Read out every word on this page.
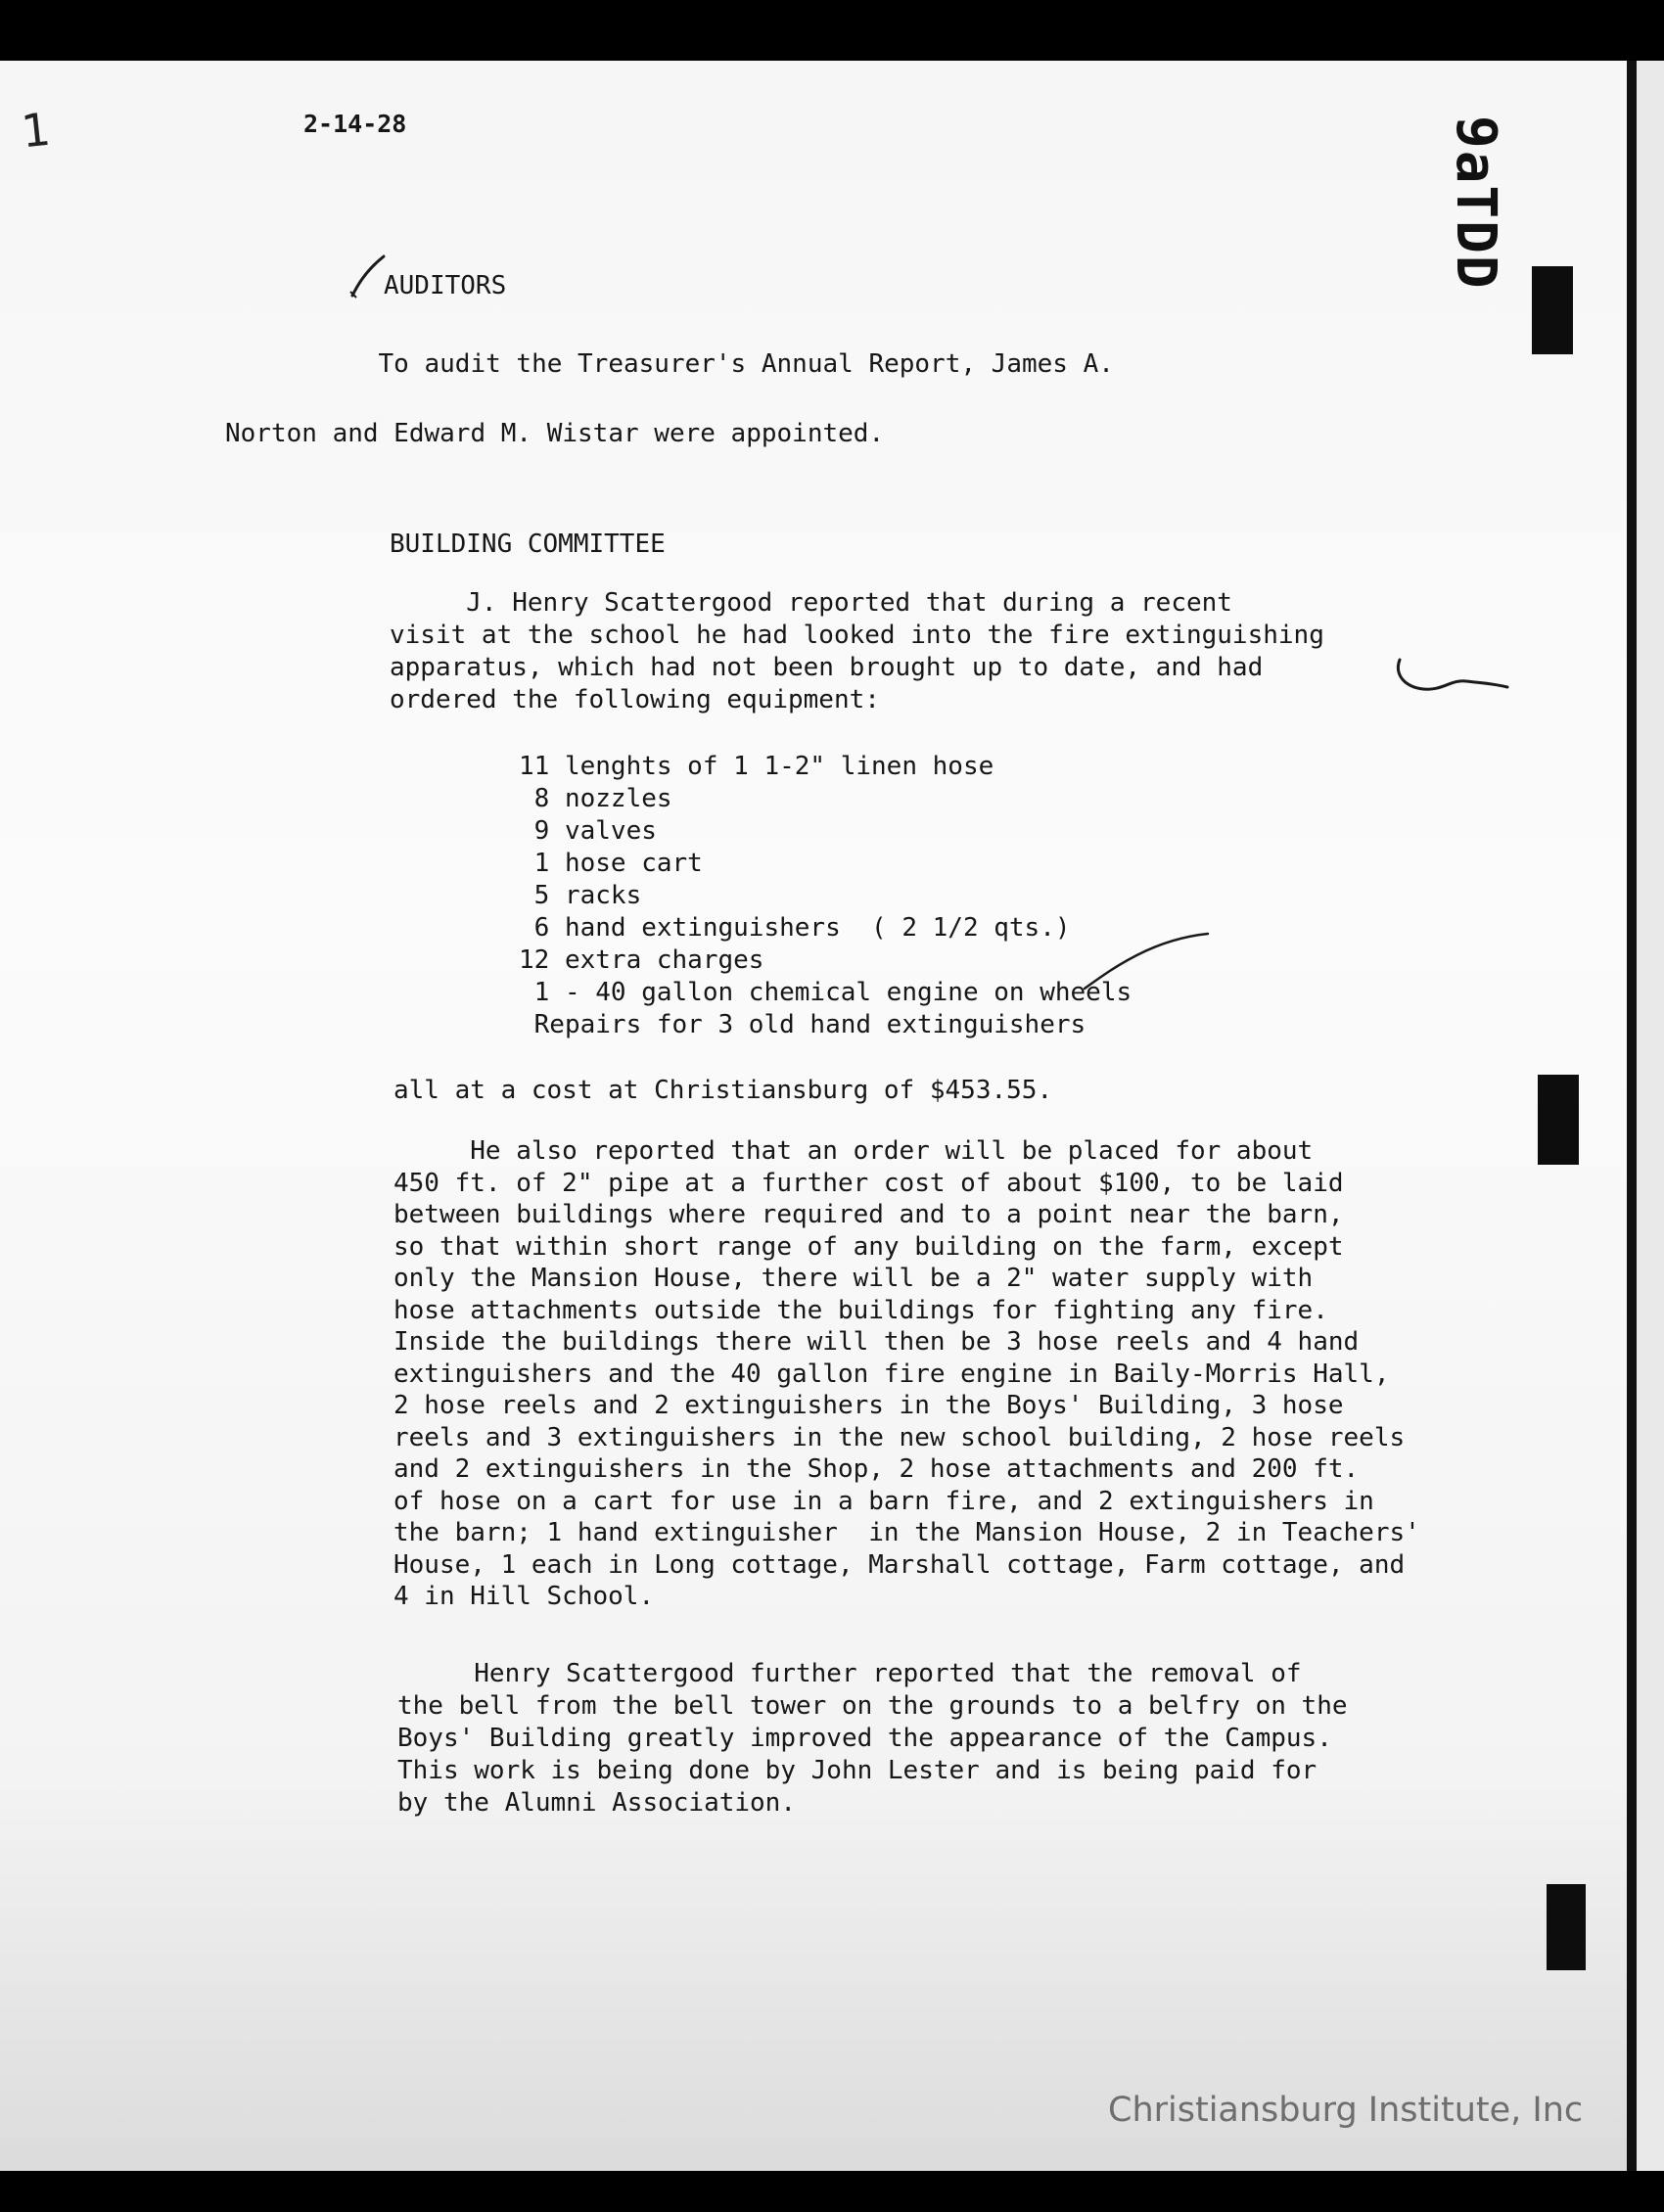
1	9aTDD
2-14-28
AUDITORS
To audit the Treasurer's Annual Report, James A.
Norton and Edward M. Wistar were appointed.
BUILDING COMMITTEE
J. Henry Scattergood reported that during a recent
visit at the school he had looked into the fire extinguishing
apparatus, which had not been brought up to date, and had
ordered the following equipment:
11 lenghts of 1 1-2" linen hose
8 nozzles
9 valves
1 hose cart
5 racks
6 hand extinguishers  ( 2 1/2 qts.)
12 extra charges
1 - 40 gallon chemical engine on wheels
Repairs for 3 old hand extinguishers
all at a cost at Christiansburg of $453.55.
He also reported that an order will be placed for about
450 ft. of 2" pipe at a further cost of about $100, to be laid
between buildings where required and to a point near the barn,
so that within short range of any building on the farm, except
only the Mansion House, there will be a 2" water supply with
hose attachments outside the buildings for fighting any fire.
Inside the buildings there will then be 3 hose reels and 4 hand
extinguishers and the 40 gallon fire engine in Baily-Morris Hall,
2 hose reels and 2 extinguishers in the Boys' Building, 3 hose
reels and 3 extinguishers in the new school building, 2 hose reels
and 2 extinguishers in the Shop, 2 hose attachments and 200 ft.
of hose on a cart for use in a barn fire, and 2 extinguishers in
the barn; 1 hand extinguisher  in the Mansion House, 2 in Teachers'
House, 1 each in Long cottage, Marshall cottage, Farm cottage, and
4 in Hill School.
Henry Scattergood further reported that the removal of
the bell from the bell tower on the grounds to a belfry on the
Boys' Building greatly improved the appearance of the Campus.
This work is being done by John Lester and is being paid for
by the Alumni Association.
Christiansburg Institute, Inc
